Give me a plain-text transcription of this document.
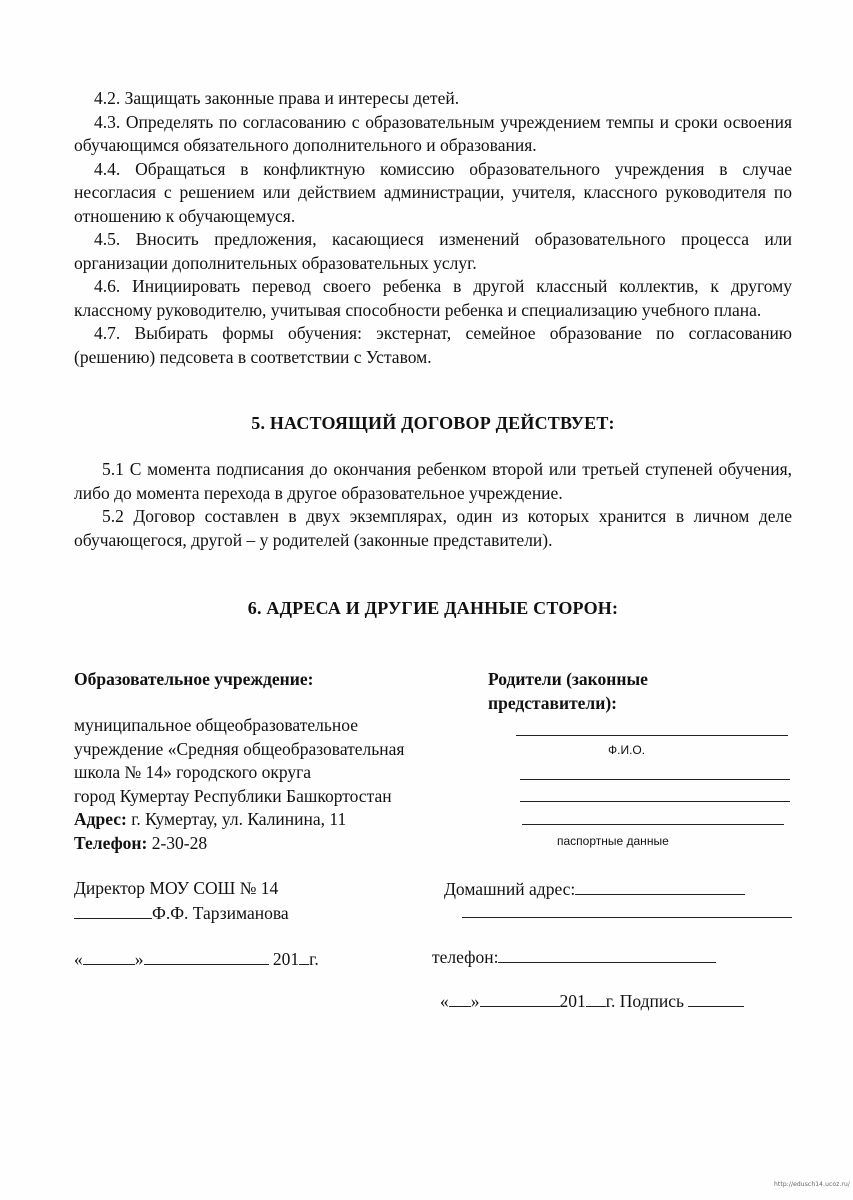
4.2. Защищать законные права и интересы детей.

4.3. Определять по согласованию с образовательным учреждением темпы и сроки освоения обучающимся обязательного дополнительного и образования.

4.4. Обращаться в конфликтную комиссию образовательного учреждения в случае несогласия с решением или действием администрации, учителя, классного руководителя по отношению к обучающемуся.

4.5. Вносить предложения, касающиеся изменений образовательного процесса или организации дополнительных образовательных услуг.

4.6. Инициировать перевод своего ребенка в другой классный коллектив, к другому классному руководителю, учитывая способности ребенка и специализацию учебного плана.

4.7. Выбирать формы обучения: экстернат, семейное образование по согласованию (решению) педсовета в соответствии с Уставом.

5. НАСТОЯЩИЙ ДОГОВОР ДЕЙСТВУЕТ:

5.1 С момента подписания до окончания ребенком второй или третьей ступеней обучения, либо до момента перехода в другое образовательное учреждение.

5.2 Договор составлен в двух экземплярах, один из которых хранится в личном деле обучающегося, другой – у родителей (законные представители).

6. АДРЕСА И ДРУГИЕ ДАННЫЕ СТОРОН:

Образовательное учреждение:

муниципальное общеобразовательное

учреждение «Средняя общеобразовательная

школа № 14» городского округа

город Кумертау Республики Башкортостан

Адрес: г. Кумертау, ул. Калинина, 11

Телефон: 2-30-28

Директор МОУ СОШ № 14

Ф.Ф. Тарзиманова

«	»	201 г.

Родители (законные

представители):

Ф.И.О.
паспортные данные

Домашний адрес:

телефон:

« »	201 г. Подпись

http://edusch14.ucoz.ru/
